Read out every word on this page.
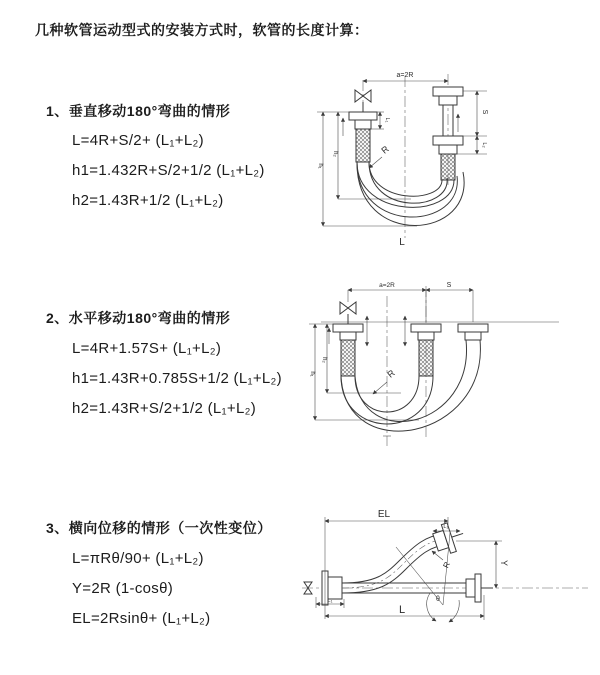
几种软管运动型式的安装方式时，软管的长度计算：
1、垂直移动180°弯曲的情形
L=4R+S/2+ (L₁+L₂)
h1=1.432R+S/2+1/2 (L₁+L₂)
h2=1.43R+1/2 (L₁+L₂)
a=2R
L₁
S
L₂
h₂
h₁
R
L
2、水平移动180°弯曲的情形
L=4R+1.57S+ (L₁+L₂)
h1=1.43R+0.785S+1/2 (L₁+L₂)
h2=1.43R+S/2+1/2 (L₁+L₂)
a=2R	S
h₂
h₁	R
3、横向位移的情形（一次性变位）
L=πRθ/90+ (L₁+L₂)
Y=2R (1-cosθ)
EL=2Rsinθ+ (L₁+L₂)
EL
L₂
Y
L₁
L
θ
R
